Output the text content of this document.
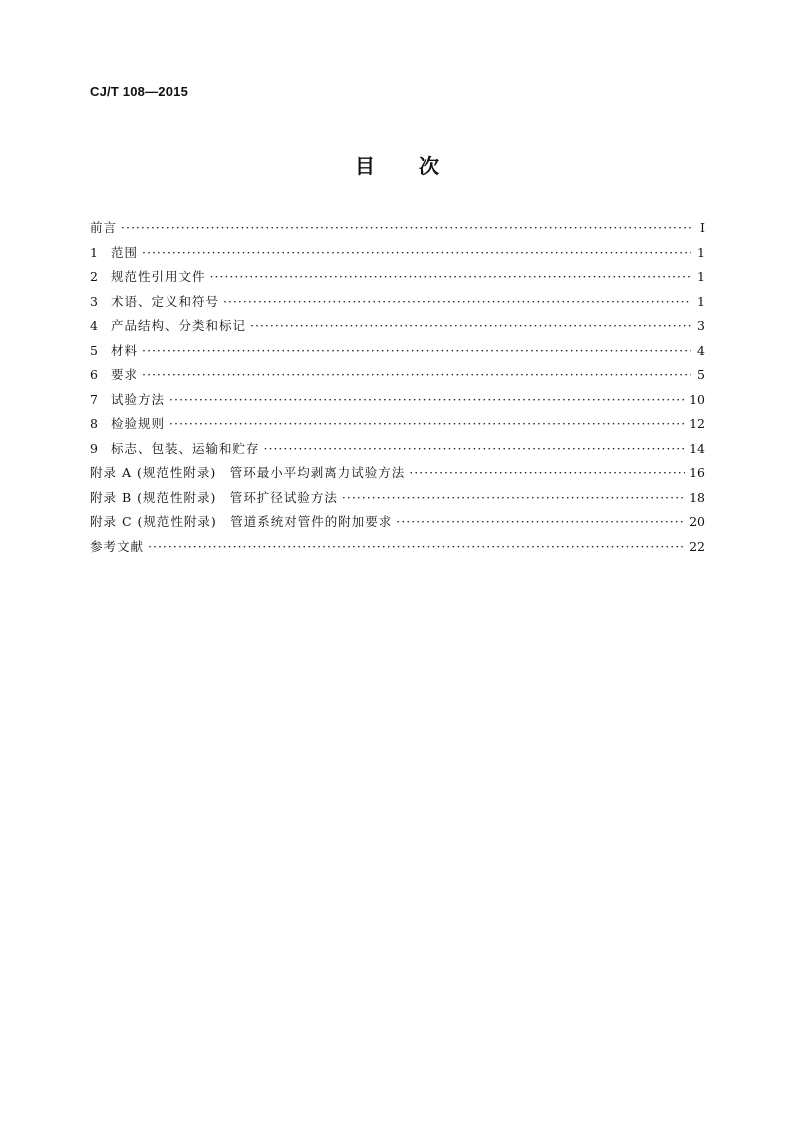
CJ/T 108—2015
目次
前言 ·····	Ⅰ
1	范围 ·····	1
2	规范性引用文件 ·····	1
3	术语、定义和符号 ·····	1
4	产品结构、分类和标记 ·····	3
5	材料 ·····	4
6	要求 ·····	5
7	试验方法 ·····	10
8	检验规则 ·····	12
9	标志、包装、运输和贮存 ·····	14
附录 A (规范性附录)　管环最小平均剥离力试验方法 ·····	16
附录 B (规范性附录)　管环扩径试验方法 ·····	18
附录 C (规范性附录)　管道系统对管件的附加要求 ·····	20
参考文献 ·····	22
